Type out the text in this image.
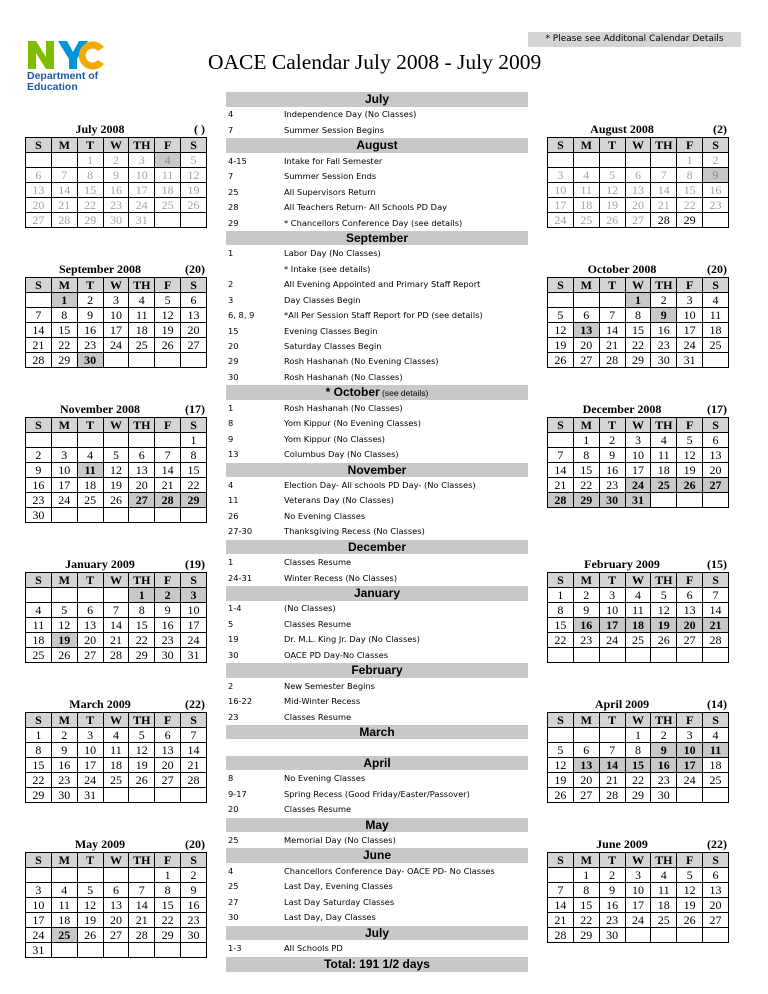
* Please see Additonal Calendar Details
Department of
Education
OACE Calendar July 2008 - July 2009
July 2008	( )
S	M	T	W	TH	F	S
		1	2	3	4	5
6	7	8	9	10	11	12
13	14	15	16	17	18	19
20	21	22	23	24	25	26
27	28	29	30	31		
August 2008	(2)
S	M	T	W	TH	F	S
					1	2
3	4	5	6	7	8	9
10	11	12	13	14	15	16
17	18	19	20	21	22	23
24	25	26	27	28	29	
September 2008	(20)
S	M	T	W	TH	F	S
	1	2	3	4	5	6
7	8	9	10	11	12	13
14	15	16	17	18	19	20
21	22	23	24	25	26	27
28	29	30				
October 2008	(20)
S	M	T	W	TH	F	S
			1	2	3	4
5	6	7	8	9	10	11
12	13	14	15	16	17	18
19	20	21	22	23	24	25
26	27	28	29	30	31	
November 2008	(17)
S	M	T	W	TH	F	S
						1
2	3	4	5	6	7	8
9	10	11	12	13	14	15
16	17	18	19	20	21	22
23	24	25	26	27	28	29
30						
December 2008	(17)
S	M	T	W	TH	F	S
	1	2	3	4	5	6
7	8	9	10	11	12	13
14	15	16	17	18	19	20
21	22	23	24	25	26	27
28	29	30	31			
January 2009	(19)
S	M	T	W	TH	F	S
				1	2	3
4	5	6	7	8	9	10
11	12	13	14	15	16	17
18	19	20	21	22	23	24
25	26	27	28	29	30	31
February 2009	(15)
S	M	T	W	TH	F	S
1	2	3	4	5	6	7
8	9	10	11	12	13	14
15	16	17	18	19	20	21
22	23	24	25	26	27	28

March 2009	(22)
S	M	T	W	TH	F	S
1	2	3	4	5	6	7
8	9	10	11	12	13	14
15	16	17	18	19	20	21
22	23	24	25	26	27	28
29	30	31				
April 2009	(14)
S	M	T	W	TH	F	S
			1	2	3	4
5	6	7	8	9	10	11
12	13	14	15	16	17	18
19	20	21	22	23	24	25
26	27	28	29	30		
May 2009	(20)
S	M	T	W	TH	F	S
					1	2
3	4	5	6	7	8	9
10	11	12	13	14	15	16
17	18	19	20	21	22	23
24	25	26	27	28	29	30
31						
June 2009	(22)
S	M	T	W	TH	F	S
	1	2	3	4	5	6
7	8	9	10	11	12	13
14	15	16	17	18	19	20
21	22	23	24	25	26	27
28	29	30				
July
4	Independence Day (No Classes)
7	Summer Session Begins
August
4-15	Intake for Fall Semester
7	Summer Session Ends
25	All Supervisors Return
28	All Teachers Return- All Schools PD Day
29	* Chancellors Conference Day (see details)
September
1	Labor Day (No Classes)
* Intake (see details)
2	All Evening Appointed and Primary Staff Report
3	Day Classes Begin
6, 8, 9	*All Per Session Staff Report for PD (see details)
15	Evening Classes Begin
20	Saturday Classes Begin
29	Rosh Hashanah (No Evening Classes)
30	Rosh Hashanah (No Classes)
* October (see details)
1	Rosh Hashanah (No Classes)
8	Yom Kippur (No Evening Classes)
9	Yom Kippur (No Classes)
13	Columbus Day (No Classes)
November
4	Election Day- All schools PD Day- (No Classes)
11	Veterans Day (No Classes)
26	No Evening Classes
27-30	Thanksgiving Recess (No Classes)
December
1	Classes Resume
24-31	Winter Recess (No Classes)
January
1-4	(No Classes)
5	Classes Resume
19	Dr. M.L. King Jr. Day (No Classes)
30	OACE PD Day-No Classes
February
2	New Semester Begins
16-22	Mid-Winter Recess
23	Classes Resume
March
April
8	No Evening Classes
9-17	Spring Recess (Good Friday/Easter/Passover)
20	Classes Resume
May
25	Memorial Day (No Classes)
June
4	Chancellors Conference Day- OACE PD- No Classes
25	Last Day, Evening Classes
27	Last Day Saturday Classes
30	Last Day, Day Classes
July
1-3	All Schools PD
Total: 191 1/2 days
